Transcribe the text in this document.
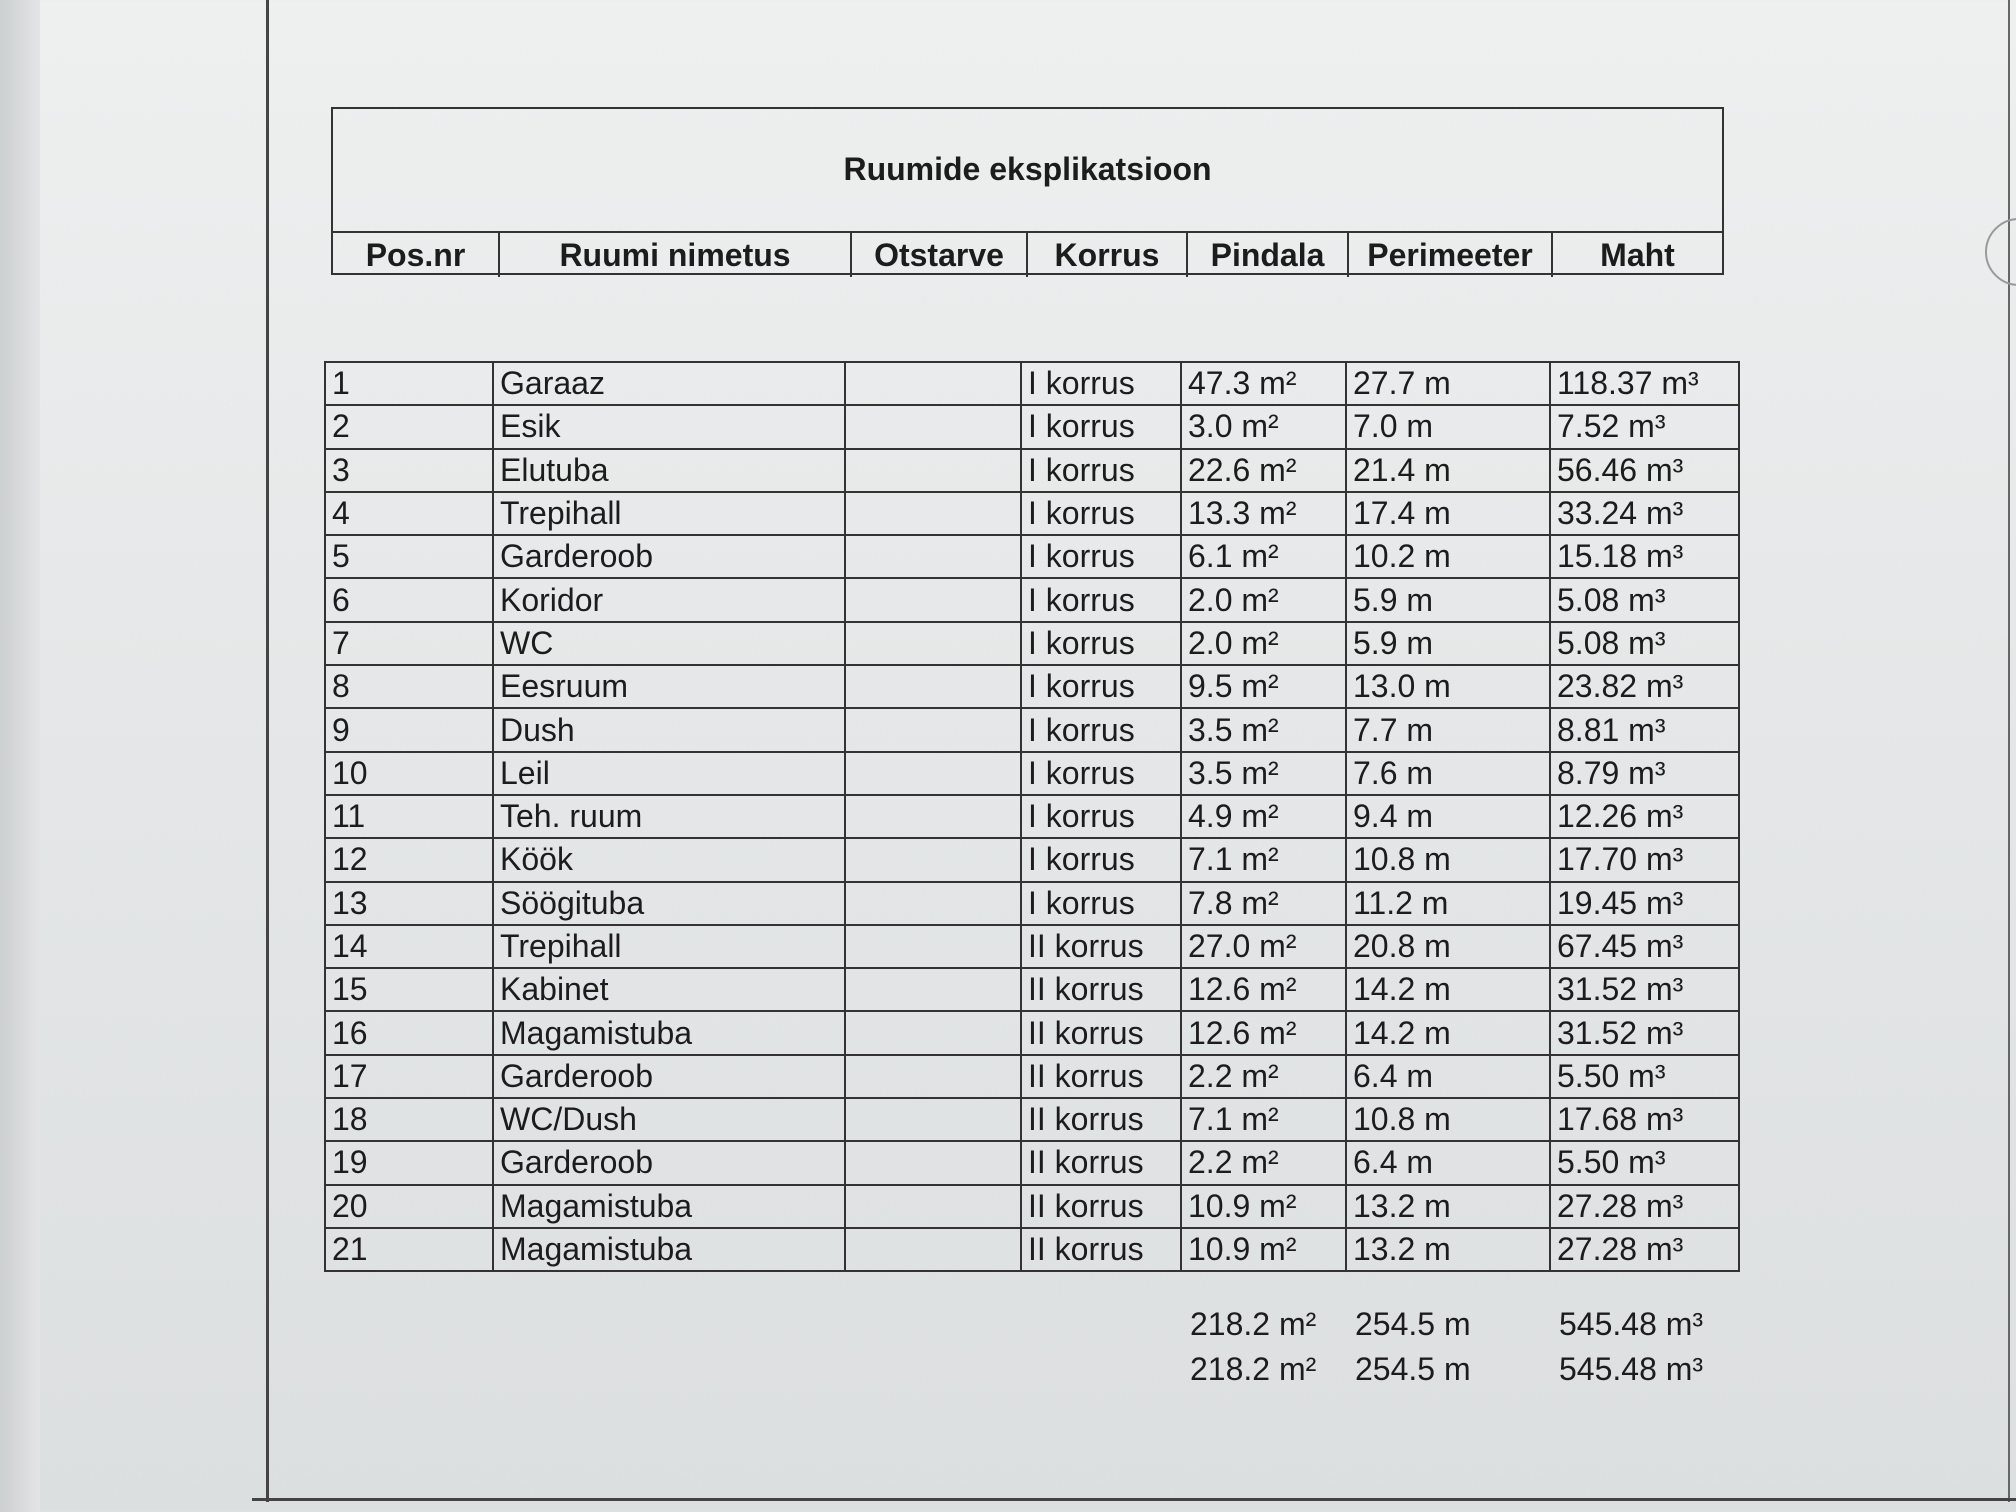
Ruumide eksplikatsioon
Pos.nr	Ruumi nimetus	Otstarve	Korrus	Pindala	Perimeeter	Maht
1	Garaaz		I korrus	47.3 m²	27.7 m	118.37 m³
2	Esik		I korrus	3.0 m²	7.0 m	7.52 m³
3	Elutuba		I korrus	22.6 m²	21.4 m	56.46 m³
4	Trepihall		I korrus	13.3 m²	17.4 m	33.24 m³
5	Garderoob		I korrus	6.1 m²	10.2 m	15.18 m³
6	Koridor		I korrus	2.0 m²	5.9 m	5.08 m³
7	WC		I korrus	2.0 m²	5.9 m	5.08 m³
8	Eesruum		I korrus	9.5 m²	13.0 m	23.82 m³
9	Dush		I korrus	3.5 m²	7.7 m	8.81 m³
10	Leil		I korrus	3.5 m²	7.6 m	8.79 m³
11	Teh. ruum		I korrus	4.9 m²	9.4 m	12.26 m³
12	Köök		I korrus	7.1 m²	10.8 m	17.70 m³
13	Söögituba		I korrus	7.8 m²	11.2 m	19.45 m³
14	Trepihall		II korrus	27.0 m²	20.8 m	67.45 m³
15	Kabinet		II korrus	12.6 m²	14.2 m	31.52 m³
16	Magamistuba		II korrus	12.6 m²	14.2 m	31.52 m³
17	Garderoob		II korrus	2.2 m²	6.4 m	5.50 m³
18	WC/Dush		II korrus	7.1 m²	10.8 m	17.68 m³
19	Garderoob		II korrus	2.2 m²	6.4 m	5.50 m³
20	Magamistuba		II korrus	10.9 m²	13.2 m	27.28 m³
21	Magamistuba		II korrus	10.9 m²	13.2 m	27.28 m³
218.2 m²	254.5 m	545.48 m³
218.2 m²	254.5 m	545.48 m³
